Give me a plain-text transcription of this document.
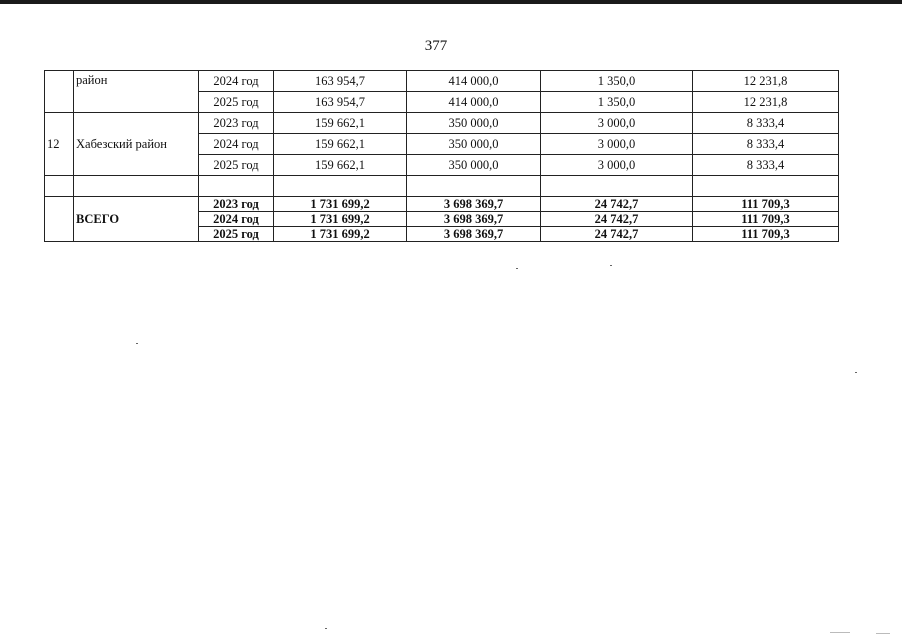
377
	район	2024 год	163 954,7	414 000,0	1 350,0	12 231,8
		2025 год	163 954,7	414 000,0	1 350,0	12 231,8
12	Хабезский район	2023 год	159 662,1	350 000,0	3 000,0	8 333,4
		2024 год	159 662,1	350 000,0	3 000,0	8 333,4
		2025 год	159 662,1	350 000,0	3 000,0	8 333,4

	ВСЕГО	2023 год	1 731 699,2	3 698 369,7	24 742,7	111 709,3
		2024 год	1 731 699,2	3 698 369,7	24 742,7	111 709,3
		2025 год	1 731 699,2	3 698 369,7	24 742,7	111 709,3
